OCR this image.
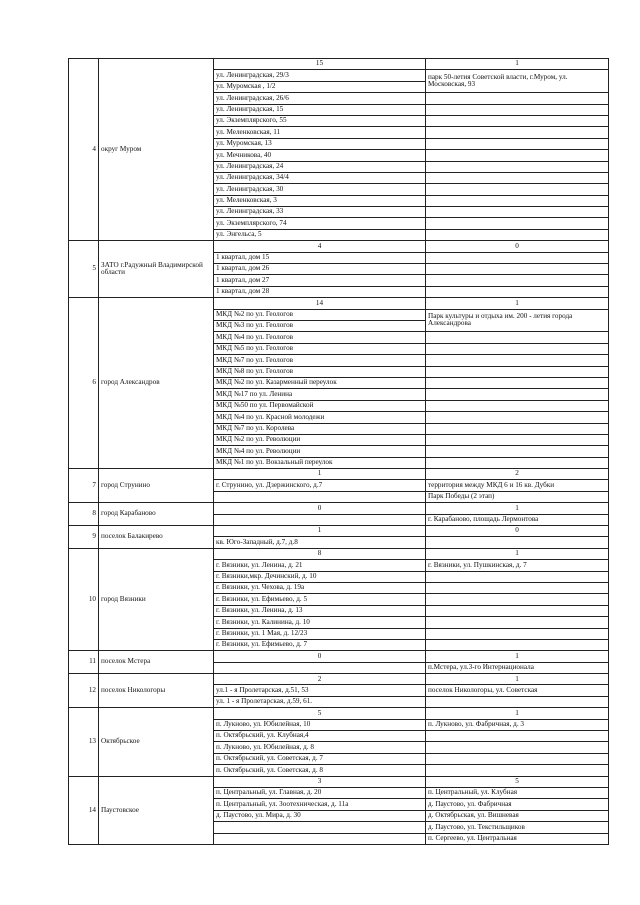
4	округ Муром	15	1
		ул. Ленинградская, 29/3	парк 50-летия Советской власти, г.Муром, ул. Московская, 93
		ул. Муромская , 1/2	
		ул. Ленинградская, 26/6	
		ул. Ленинградская, 15	
		ул. Экземплярского, 55	
		ул. Меленковская, 11	
		ул. Муромская, 13	
		ул. Мечникова, 40	
		ул. Ленинградская, 24	
		ул. Ленинградская, 34/4	
		ул. Ленинградская, 30	
		ул. Меленковская, 3	
		ул. Ленинградская, 33	
		ул. Экземплярского, 74	
		ул. Энгельса, 5	
5	ЗАТО г.Радужный Владимирской области	4	0
		1 квартал, дом 15	
		1 квартал, дом 26	
		1 квартал, дом 27	
		1 квартал, дом 28	
6	город Александров	14	1
		МКД №2 по ул. Геологов	Парк культуры и отдыха им. 200 - летия города Александрова
		МКД №3 по ул. Геологов	
		МКД №4 по ул. Геологов	
		МКД №5 по ул. Геологов	
		МКД №7 по ул. Геологов	
		МКД №8 по ул. Геологов	
		МКД №2 по ул. Казарменный переулок	
		МКД №17 по ул. Ленина	
		МКД №50 по ул. Первомайской	
		МКД №4 по ул. Красной молодежи	
		МКД №7 по ул. Королева	
		МКД №2 по ул. Революции	
		МКД №4 по ул. Революции	
		МКД №1 по ул. Вокзальный переулок	
7	город Струнино	1	2
		г. Струнино, ул. Дзержинского, д.7	территория между МКД 6 и 16 кв. Дубки
			Парк Победы (2 этап)
8	город Карабаново	0	1
			г. Карабаново, площадь Лермонтова
9	поселок Балакирево	1	0
		кв. Юго-Западный, д.7, д.8	
10	город Вязники	8	1
		г. Вязники, ул. Ленина, д. 21	г. Вязники, ул. Пушкинская, д. 7
		г. Вязники,мкр. Дечинский, д. 10	
		г. Вязники, ул. Чехова, д. 19а	
		г. Вязники, ул. Ефимьево, д. 5	
		г. Вязники, ул. Ленина, д. 13	
		г. Вязники, ул. Калинина, д. 10	
		г. Вязники, ул. 1 Мая, д. 12/23	
		г. Вязники, ул. Ефимьево, д. 7	
11	поселок Мстера	0	1
			п.Мстера, ул.3-го Интернационала
12	поселок Никологоры	2	1
		ул.1 - я Пролетарская, д.51, 53	поселок Никологоры, ул. Советская
		ул. 1 - я Пролетарская, д.59, 61.	
13	Октябрьское	5	1
		п. Лукново, ул. Юбилейная, 10	п. Лукново, ул. Фабричная, д. 3
		п. Октябрьский, ул. Клубная,4	
		п. Лукново, ул. Юбилейная, д. 8	
		п. Октябрьский, ул. Советская, д. 7	
		п. Октябрьский, ул. Советская, д. 8	
14	Паустовское	3	5
		п. Центральный, ул. Главная, д. 20	п. Центральный, ул. Клубная
		п. Центральный, ул. Зоотехническая, д. 11а	д. Паустово, ул. Фабричная
		д. Паустово, ул. Мира, д. 30	д. Октябрьская, ул. Вишневая
			д. Паустово, ул. Текстильщиков
			п. Сергеево, ул. Центральная
